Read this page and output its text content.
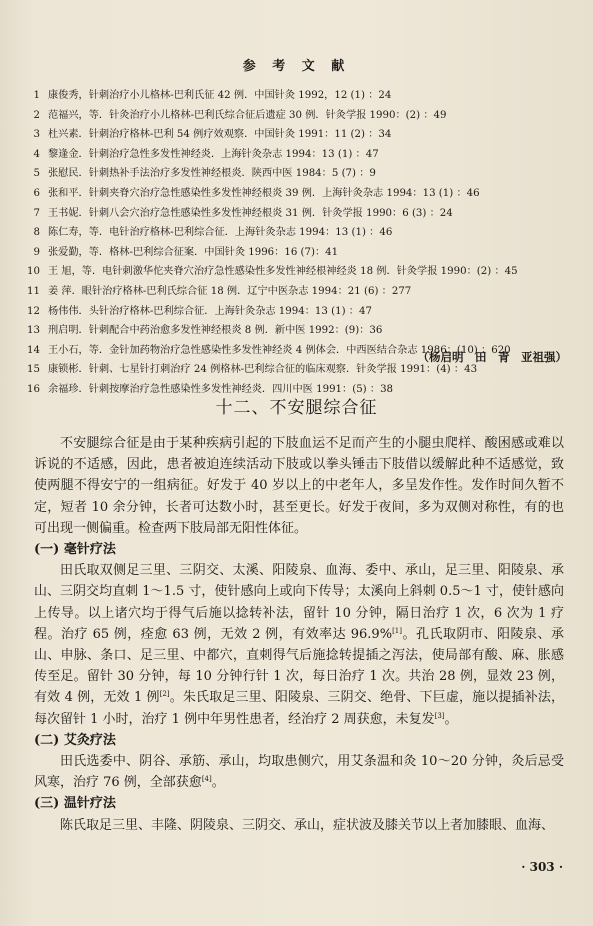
参 考 文 献
1 康俊秀，针刺治疗小儿格林-巴利氏征 42 例．中国针灸 1992，12 (1) ：24
2 范福兴，等．针灸治疗小儿格林-巴利氏综合征后遗症 30 例．针灸学报 1990：(2) ：49
3 杜兴素．针刺治疗格林-巴利 54 例疗效观察．中国针灸 1991：11 (2) ：34
4 黎逢金．针刺治疗急性多发性神经炎．上海针灸杂志 1994：13 (1) ：47
5 张慰民．针刺热补手法治疗多发性神经根炎．陕西中医 1984：5 (7) ：9
6 张和平．针刺夹脊穴治疗急性感染性多发性神经根炎 39 例．上海针灸杂志 1994：13 (1) ：46
7 王书妮．针刺八会穴治疗急性感染性多发性神经根炎 31 例．针灸学报 1990：6 (3) ：24
8 陈仁寿，等．电针治疗格林-巴利综合征．上海针灸杂志 1994：13 (1) ：46
9 张爱勤，等．格林-巴利综合征案．中国针灸 1996：16 (7)：41
10 王 旭，等．电针刺激华佗夹脊穴治疗急性感染性多发性神经根神经炎 18 例．针灸学报 1990：(2) ：45
11 姜 萍．眼针治疗格林-巴利氏综合征 18 例．辽宁中医杂志 1994：21 (6) ：277
12 杨伟伟．头针治疗格林-巴利综合征．上海针灸杂志 1994：13 (1) ：47
13 刑启明．针刺配合中药治愈多发性神经根炎 8 例．新中医 1992：(9)：36
14 王小石，等．金针加药物治疗急性感染性多发性神经炎 4 例体会．中西医结合杂志 1986：(10) ：620
15 康锁彬．针刺、七星针打刺治疗 24 例格林-巴利综合征的临床观察．针灸学报 1991：(4) ：43
16 余福珍．针刺按摩治疗急性感染性多发性神经炎．四川中医 1991：(5) ：38
（杨启明　田　青　亚祖强）
十二、不安腿综合征

不安腿综合征是由于某种疾病引起的下肢血运不足而产生的小腿虫爬样、酸困感或难以诉说的不适感，因此，患者被迫连续活动下肢或以拳头锤击下肢借以缓解此种不适感觉，致使两腿不得安宁的一组病征。好发于 40 岁以上的中老年人，多呈发作性。发作时间久暂不定，短者 10 余分钟，长者可达数小时，甚至更长。好发于夜间，多为双侧对称性，有的也可出现一侧偏重。检查两下肢局部无阳性体征。

(一) 毫针疗法

田氏取双侧足三里、三阴交、太溪、阳陵泉、血海、委中、承山，足三里、阳陵泉、承山、三阴交均直刺 1～1.5 寸，使针感向上或向下传导；太溪向上斜刺 0.5～1 寸，使针感向上传导。以上诸穴均于得气后施以捻转补法，留针 10 分钟，隔日治疗 1 次，6 次为 1 疗程。治疗 65 例，痊愈 63 例，无效 2 例，有效率达 96.9%[1]。孔氏取阴市、阳陵泉、承山、申脉、条口、足三里、中都穴，直刺得气后施捻转提插之泻法，使局部有酸、麻、胀感传至足。留针 30 分钟，每 10 分钟行针 1 次，每日治疗 1 次。共治 28 例，显效 23 例，有效 4 例，无效 1 例[2]。朱氏取足三里、阳陵泉、三阴交、绝骨、下巨虚，施以提插补法，每次留针 1 小时，治疗 1 例中年男性患者，经治疗 2 周获愈，未复发[3]。

(二) 艾灸疗法

田氏选委中、阴谷、承筋、承山，均取患侧穴，用艾条温和灸 10～20 分钟，灸后忌受风寒，治疗 76 例，全部获愈[4]。

(三) 温针疗法

陈氏取足三里、丰隆、阴陵泉、三阴交、承山，症状波及膝关节以上者加膝眼、血海、

· 303 ·
